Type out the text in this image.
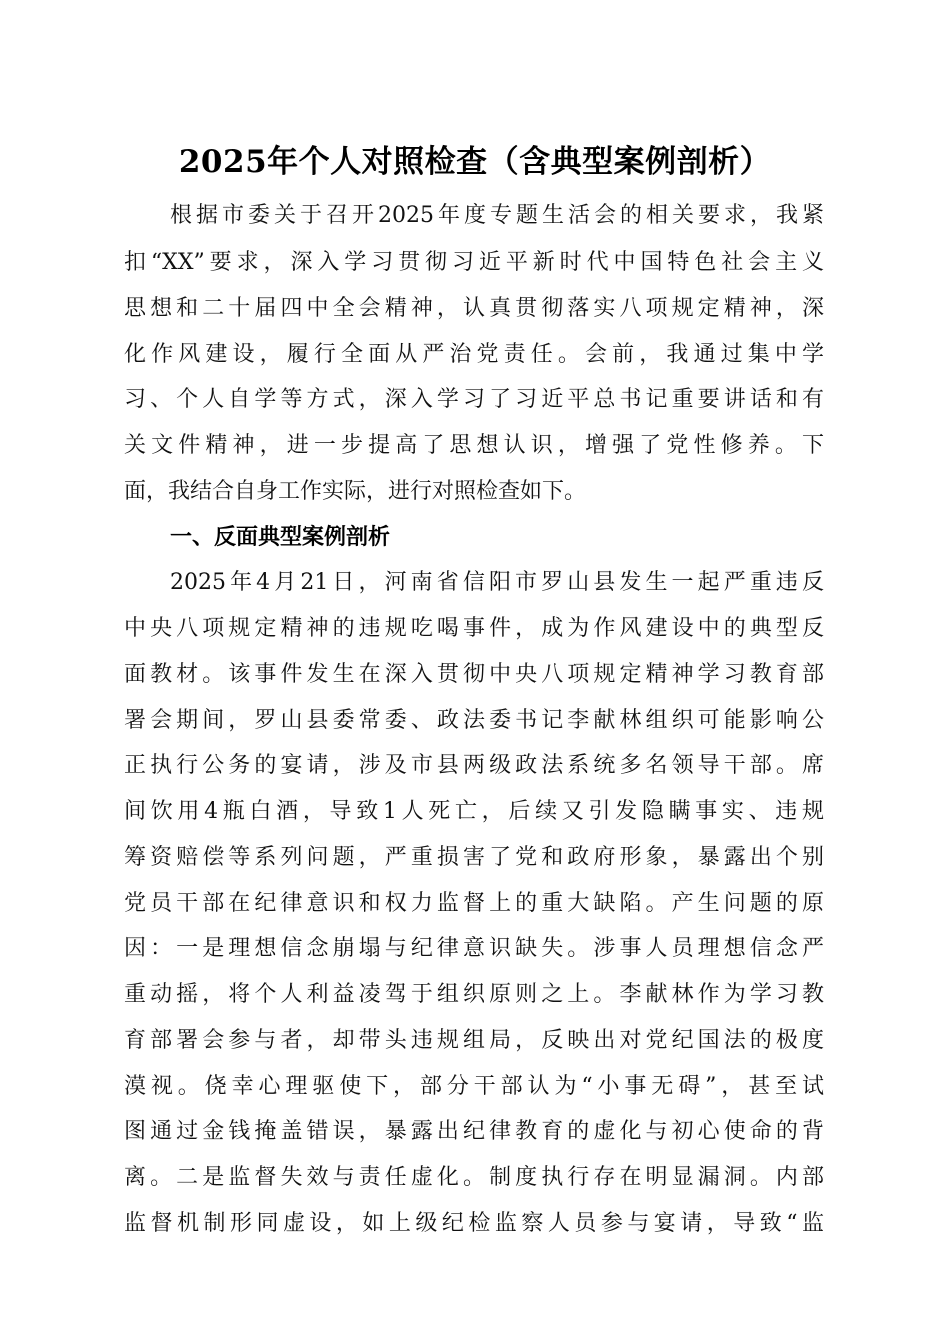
2025年个人对照检查（含典型案例剖析）
根据市委关于召开2025年度专题生活会的相关要求，我紧
扣“XX”要求，深入学习贯彻习近平新时代中国特色社会主义
思想和二十届四中全会精神，认真贯彻落实八项规定精神，深
化作风建设，履行全面从严治党责任。会前，我通过集中学
习、个人自学等方式，深入学习了习近平总书记重要讲话和有
关文件精神，进一步提高了思想认识，增强了党性修养。下
面，我结合自身工作实际，进行对照检查如下。
一、反面典型案例剖析
2025年4月21日，河南省信阳市罗山县发生一起严重违反
中央八项规定精神的违规吃喝事件，成为作风建设中的典型反
面教材。该事件发生在深入贯彻中央八项规定精神学习教育部
署会期间，罗山县委常委、政法委书记李献林组织可能影响公
正执行公务的宴请，涉及市县两级政法系统多名领导干部。席
间饮用4瓶白酒，导致1人死亡，后续又引发隐瞒事实、违规
筹资赔偿等系列问题，严重损害了党和政府形象，暴露出个别
党员干部在纪律意识和权力监督上的重大缺陷。产生问题的原
因：一是理想信念崩塌与纪律意识缺失。涉事人员理想信念严
重动摇，将个人利益凌驾于组织原则之上。李献林作为学习教
育部署会参与者，却带头违规组局，反映出对党纪国法的极度
漠视。侥幸心理驱使下，部分干部认为“小事无碍”，甚至试
图通过金钱掩盖错误，暴露出纪律教育的虚化与初心使命的背
离。二是监督失效与责任虚化。制度执行存在明显漏洞。内部
监督机制形同虚设，如上级纪检监察人员参与宴请，导致“监
